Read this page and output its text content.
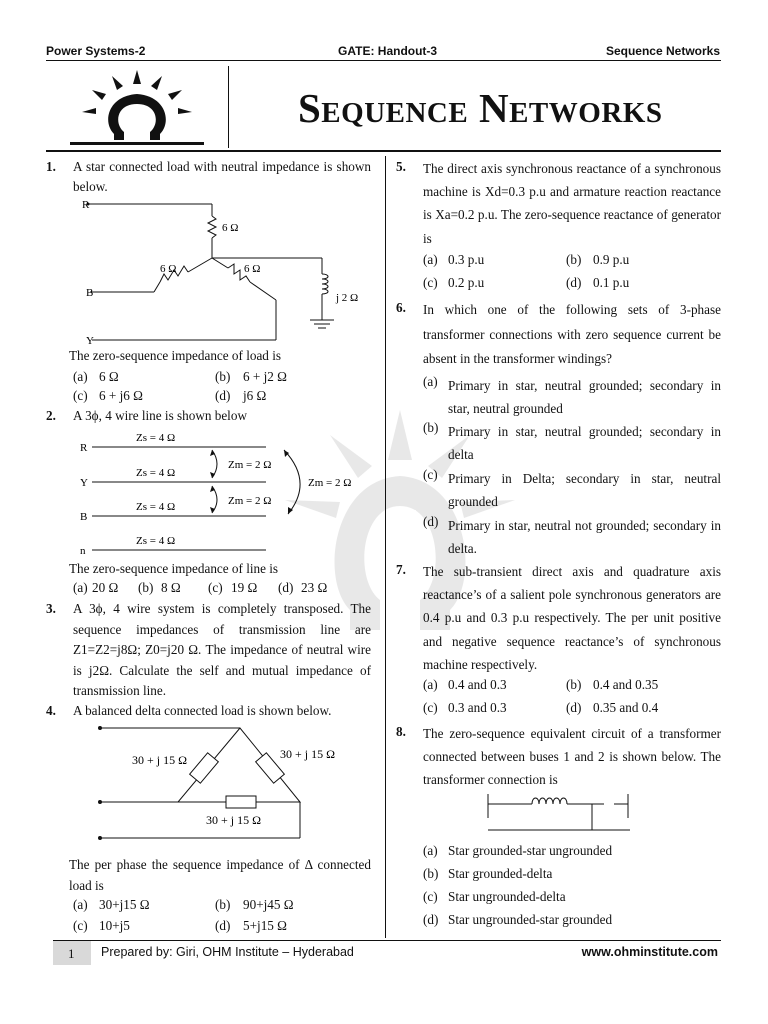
Power Systems-2	GATE: Handout-3	Sequence Networks
Sequence Networks
1. A star connected load with neutral impedance is shown below.
R
B
Y
6 Ω
6 Ω	6 Ω
j 2 Ω
The zero-sequence impedance of load is
(a) 6 Ω	(b) 6 + j2 Ω
(c) 6 + j6 Ω	(d) j6 Ω
2. A 3ϕ, 4 wire line is shown below
R
Y
B
n
Zs = 4 Ω
Zs = 4 Ω
Zs = 4 Ω
Zs = 4 Ω
Zm = 2 Ω
Zm = 2 Ω
Zm = 2 Ω
The zero-sequence impedance of line is
(a) 20 Ω (b) 8 Ω (c) 19 Ω (d) 23 Ω
3. A 3ϕ, 4 wire system is completely transposed. The sequence impedances of transmission line are Z1=Z2=j8Ω; Z0=j20 Ω. The impedance of neutral wire is j2Ω. Calculate the self and mutual impedance of transmission line.
4. A balanced delta connected load is shown below.
30 + j 15 Ω	30 + j 15 Ω
30 + j 15 Ω
The per phase the sequence impedance of Δ connected load is
(a) 30+j15 Ω	(b) 90+j45 Ω
(c) 10+j5	(d) 5+j15 Ω
5. The direct axis synchronous reactance of a synchronous machine is Xd=0.3 p.u and armature reaction reactance is Xa=0.2 p.u. The zero-sequence reactance of generator is
(a) 0.3 p.u	(b) 0.9 p.u
(c) 0.2 p.u	(d) 0.1 p.u
6. In which one of the following sets of 3-phase transformer connections with zero sequence current be absent in the transformer windings?
(a) Primary in star, neutral grounded; secondary in star, neutral grounded
(b) Primary in star, neutral grounded; secondary in delta
(c) Primary in Delta; secondary in star, neutral grounded
(d) Primary in star, neutral not grounded; secondary in delta.
7. The sub-transient direct axis and quadrature axis reactance’s of a salient pole synchronous generators are 0.4 p.u and 0.3 p.u respectively. The per unit positive and negative sequence reactance’s of synchronous machine respectively.
(a) 0.4 and 0.3	(b) 0.4 and 0.35
(c) 0.3 and 0.3	(d) 0.35 and 0.4
8. The zero-sequence equivalent circuit of a transformer connected between buses 1 and 2 is shown below. The transformer connection is
(a) Star grounded-star ungrounded
(b) Star grounded-delta
(c) Star ungrounded-delta
(d) Star ungrounded-star grounded
1 Prepared by: Giri, OHM Institute – Hyderabad	www.ohminstitute.com
